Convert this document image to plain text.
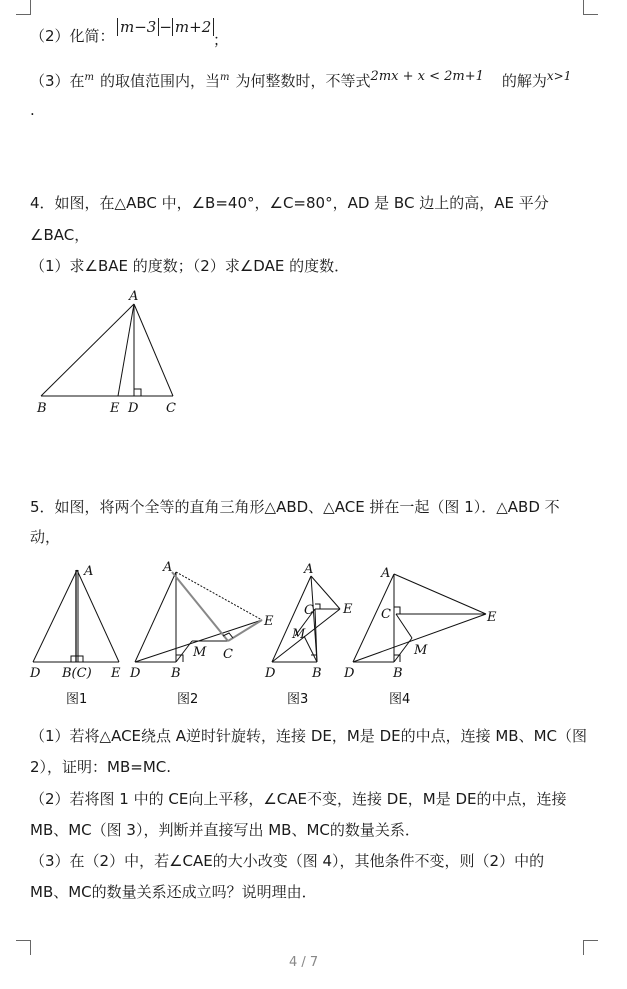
（2）化简： m−3 − m+2
；
（3）在$^m$ 的取值范围内，当$^m$ 为何整数时，不等式$^{2mx + x < 2m+1}$ 的解为$^{x>1}$
.
4．如图，在△ABC 中，∠B=40°，∠C=80°，AD 是 BC 边上的高，AE 平分
∠BAC，
（1）求∠BAE 的度数；（2）求∠DAE 的度数．
A
B	E D C
5．如图，将两个全等的直角三角形△ABD、△ACE 拼在一起（图 1）．△ABD 不
动，
A
D B(C) E
图1
A
D B
M C
E
图2
A
C E
M
D	B
图3
A
C	E
M
D	B
图4
（1）若将△ACE绕点 A逆时针旋转，连接 DE，M是 DE的中点，连接 MB、MC（图
2），证明：MB=MC.
（2）若将图 1 中的 CE向上平移，∠CAE不变，连接 DE，M是 DE的中点，连接
MB、MC（图 3），判断并直接写出 MB、MC的数量关系．
（3）在（2）中，若∠CAE的大小改变（图 4），其他条件不变，则（2）中的
MB、MC的数量关系还成立吗？说明理由．
4 / 7
